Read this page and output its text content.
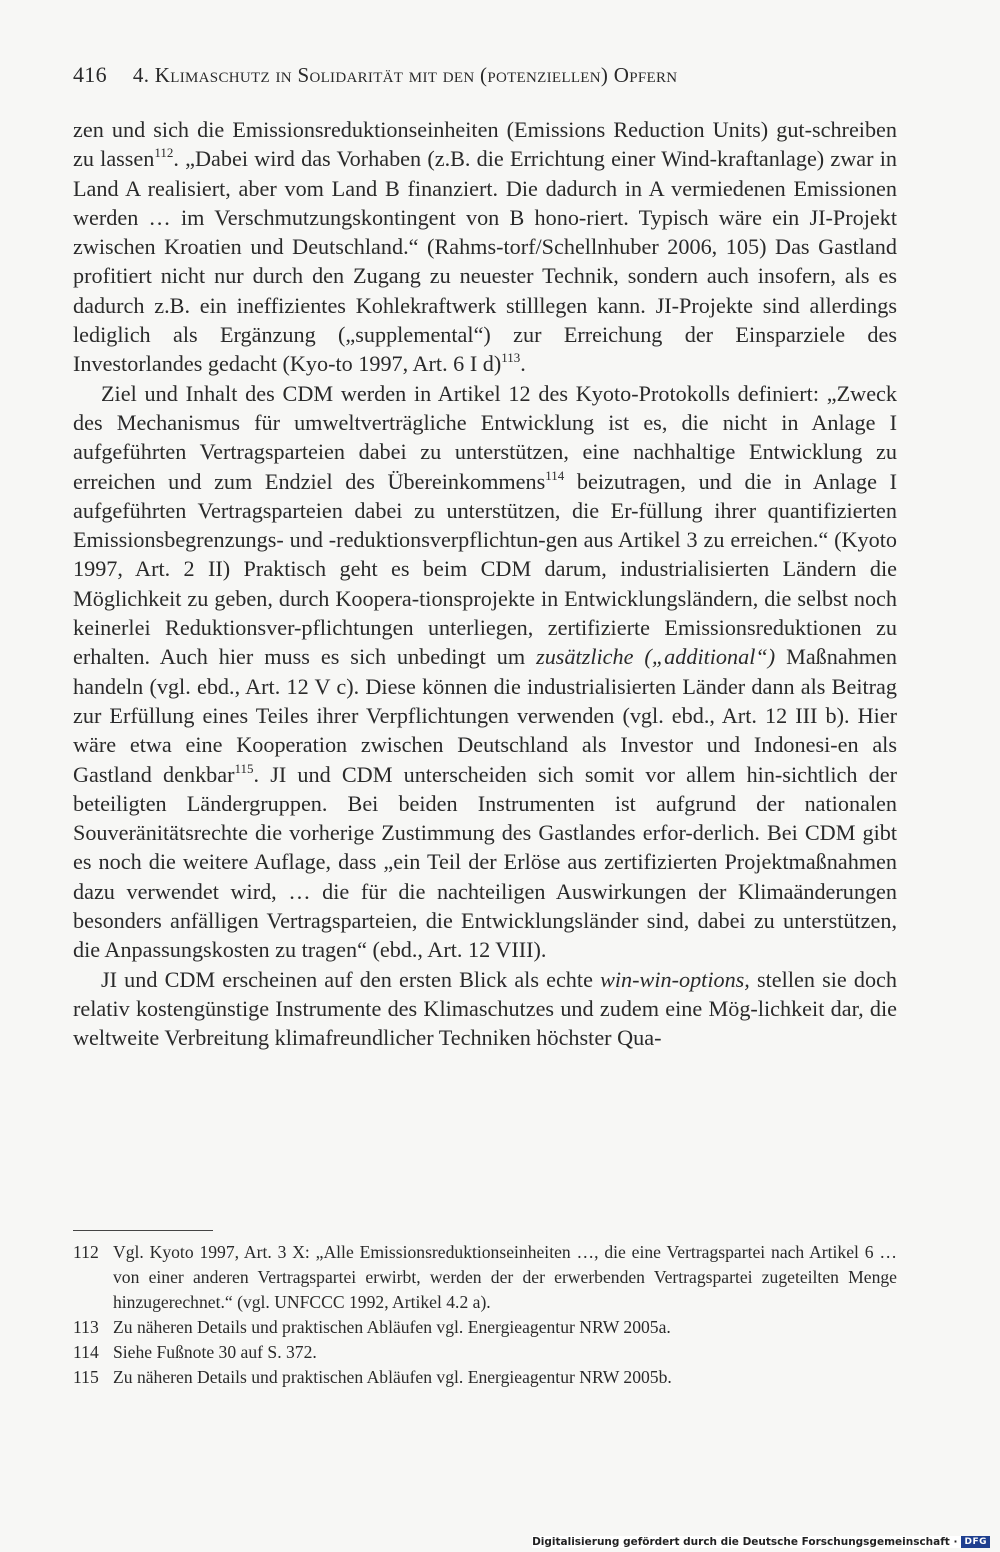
416 4. Klimaschutz in Solidarität mit den (potenziellen) Opfern

zen und sich die Emissionsreduktionseinheiten (Emissions Reduction Units) gut-schreiben zu lassen$^{112}$. „Dabei wird das Vorhaben (z.B. die Errichtung einer Wind-kraftanlage) zwar in Land A realisiert, aber vom Land B finanziert. Die dadurch in A vermiedenen Emissionen werden … im Verschmutzungskontingent von B hono-riert. Typisch wäre ein JI-Projekt zwischen Kroatien und Deutschland.“ (Rahms-torf/Schellnhuber 2006, 105) Das Gastland profitiert nicht nur durch den Zugang zu neuester Technik, sondern auch insofern, als es dadurch z.B. ein ineffizientes Kohlekraftwerk stilllegen kann. JI-Projekte sind allerdings lediglich als Ergänzung („supplemental“) zur Erreichung der Einsparziele des Investorlandes gedacht (Kyo-to 1997, Art. 6 I d)$^{113}$.

Ziel und Inhalt des CDM werden in Artikel 12 des Kyoto-Protokolls definiert: „Zweck des Mechanismus für umweltverträgliche Entwicklung ist es, die nicht in Anlage I aufgeführten Vertragsparteien dabei zu unterstützen, eine nachhaltige Entwicklung zu erreichen und zum Endziel des Übereinkommens$^{114}$ beizutragen, und die in Anlage I aufgeführten Vertragsparteien dabei zu unterstützen, die Er-füllung ihrer quantifizierten Emissionsbegrenzungs- und -reduktionsverpflichtun-gen aus Artikel 3 zu erreichen.“ (Kyoto 1997, Art. 2 II) Praktisch geht es beim CDM darum, industrialisierten Ländern die Möglichkeit zu geben, durch Koopera-tionsprojekte in Entwicklungsländern, die selbst noch keinerlei Reduktionsver-pflichtungen unterliegen, zertifizierte Emissionsreduktionen zu erhalten. Auch hier muss es sich unbedingt um zusätzliche („additional“) Maßnahmen handeln (vgl. ebd., Art. 12 V c). Diese können die industrialisierten Länder dann als Beitrag zur Erfüllung eines Teiles ihrer Verpflichtungen verwenden (vgl. ebd., Art. 12 III b). Hier wäre etwa eine Kooperation zwischen Deutschland als Investor und Indonesi-en als Gastland denkbar$^{115}$. JI und CDM unterscheiden sich somit vor allem hin-sichtlich der beteiligten Ländergruppen. Bei beiden Instrumenten ist aufgrund der nationalen Souveränitätsrechte die vorherige Zustimmung des Gastlandes erfor-derlich. Bei CDM gibt es noch die weitere Auflage, dass „ein Teil der Erlöse aus zertifizierten Projektmaßnahmen dazu verwendet wird, … die für die nachteiligen Auswirkungen der Klimaänderungen besonders anfälligen Vertragsparteien, die Entwicklungsländer sind, dabei zu unterstützen, die Anpassungskosten zu tragen“ (ebd., Art. 12 VIII).

JI und CDM erscheinen auf den ersten Blick als echte win-win-options, stellen sie doch relativ kostengünstige Instrumente des Klimaschutzes und zudem eine Mög-lichkeit dar, die weltweite Verbreitung klimafreundlicher Techniken höchster Qua-

112 Vgl. Kyoto 1997, Art. 3 X: „Alle Emissionsreduktionseinheiten …, die eine Vertragspartei nach Artikel 6 … von einer anderen Vertragspartei erwirbt, werden der der erwerbenden Vertragspartei zugeteilten Menge hinzugerechnet.“ (vgl. UNFCCC 1992, Artikel 4.2 a).
113 Zu näheren Details und praktischen Abläufen vgl. Energieagentur NRW 2005a.
114 Siehe Fußnote 30 auf S. 372.
115 Zu näheren Details und praktischen Abläufen vgl. Energieagentur NRW 2005b.
Digitalisierung gefördert durch die Deutsche Forschungsgemeinschaft · DFG
